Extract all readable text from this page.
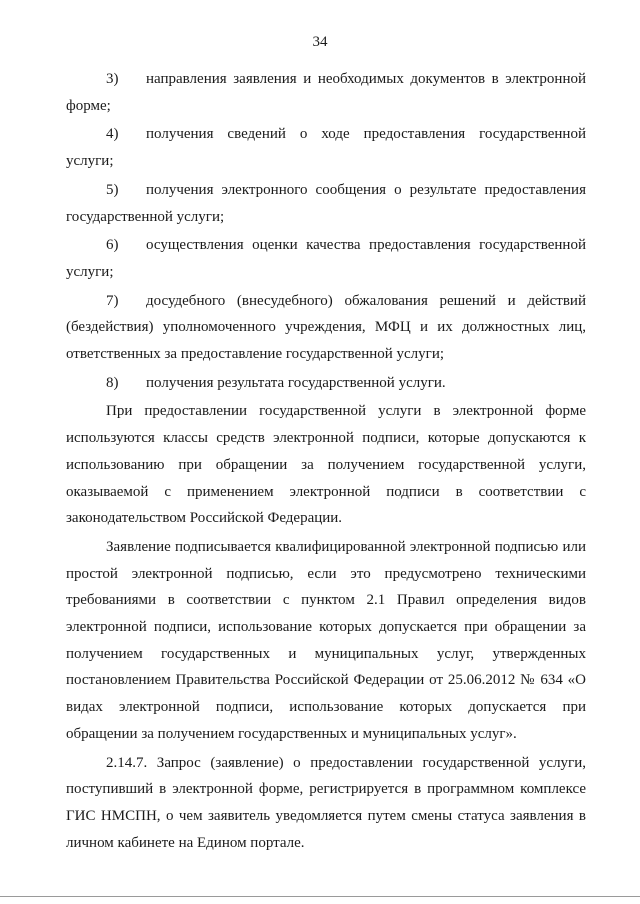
34

3) направления заявления и необходимых документов в электронной форме;

4) получения сведений о ходе предоставления государственной услуги;

5) получения электронного сообщения о результате предоставления государственной услуги;

6) осуществления оценки качества предоставления государственной услуги;

7) досудебного (внесудебного) обжалования решений и действий (бездействия) уполномоченного учреждения, МФЦ и их должностных лиц, ответственных за предоставление государственной услуги;

8) получения результата государственной услуги.

При предоставлении государственной услуги в электронной форме используются классы средств электронной подписи, которые допускаются к использованию при обращении за получением государственной услуги, оказываемой с применением электронной подписи в соответствии с законодательством Российской Федерации.

Заявление подписывается квалифицированной электронной подписью или простой электронной подписью, если это предусмотрено техническими требованиями в соответствии с пунктом 2.1 Правил определения видов электронной подписи, использование которых допускается при обращении за получением государственных и муниципальных услуг, утвержденных постановлением Правительства Российской Федерации от 25.06.2012 № 634 «О видах электронной подписи, использование которых допускается при обращении за получением государственных и муниципальных услуг».

2.14.7. Запрос (заявление) о предоставлении государственной услуги, поступивший в электронной форме, регистрируется в программном комплексе ГИС НМСПН, о чем заявитель уведомляется путем смены статуса заявления в личном кабинете на Едином портале.
